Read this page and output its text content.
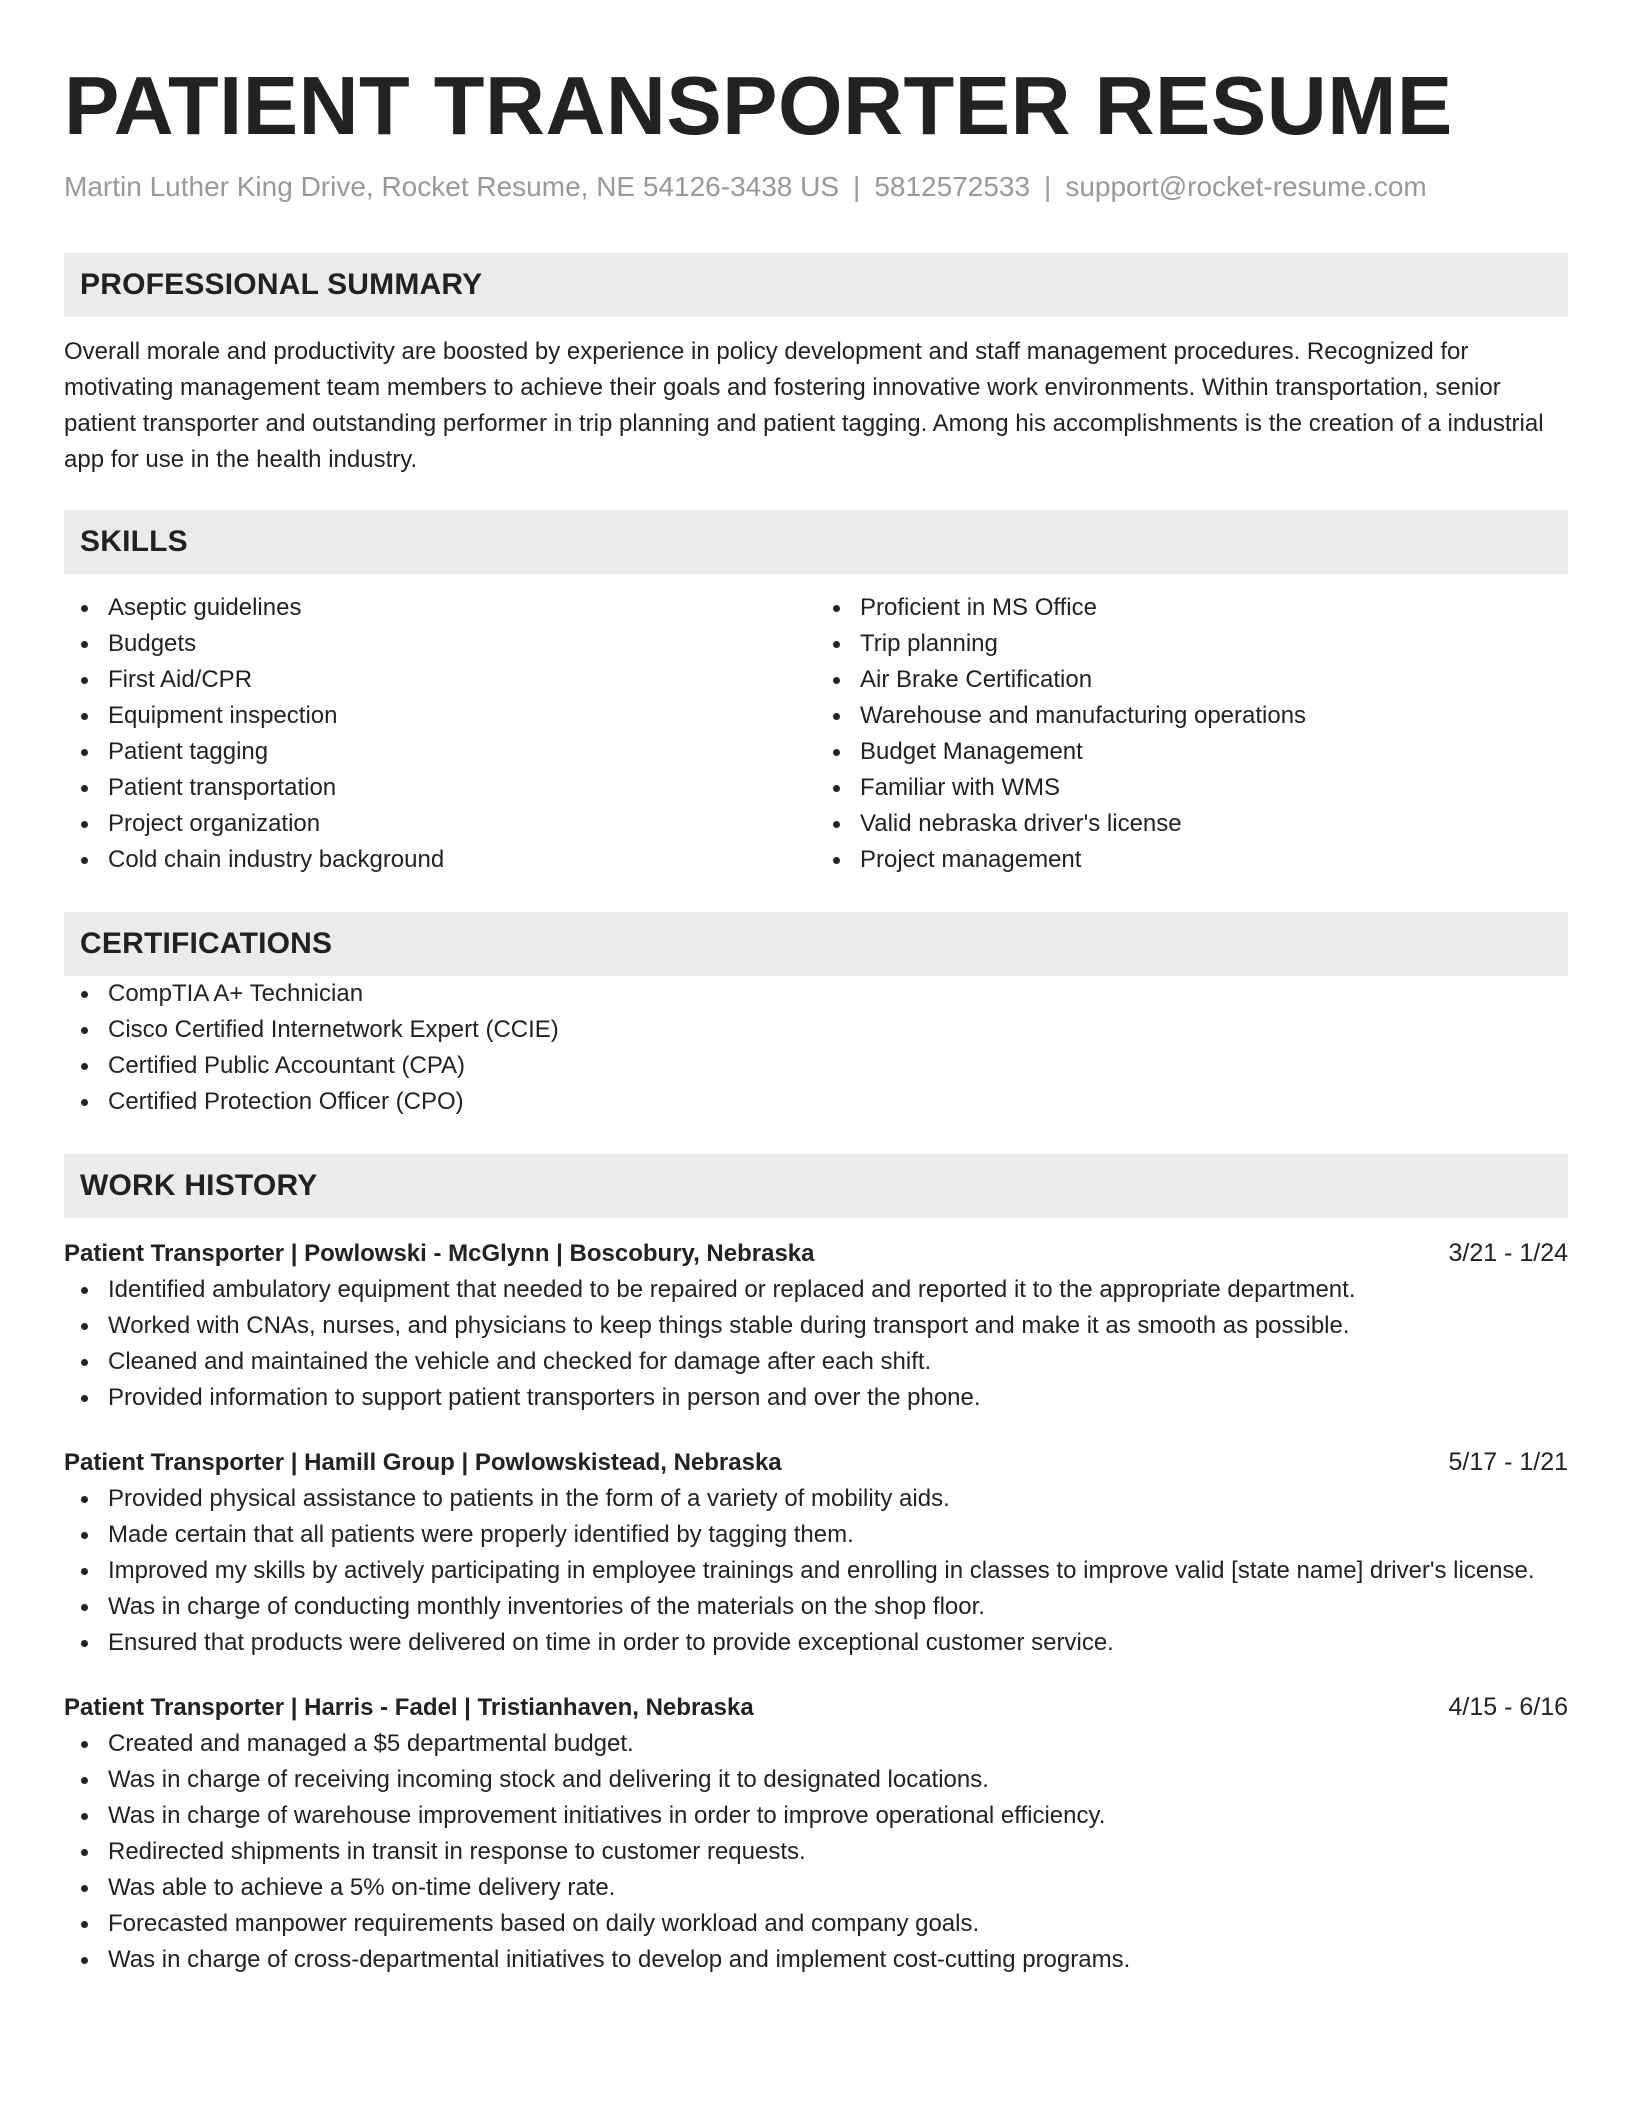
PATIENT TRANSPORTER RESUME
Martin Luther King Drive, Rocket Resume, NE 54126-3438 US | 5812572533 | support@rocket-resume.com
PROFESSIONAL SUMMARY

Overall morale and productivity are boosted by experience in policy development and staff management procedures. Recognized for motivating management team members to achieve their goals and fostering innovative work environments. Within transportation, senior patient transporter and outstanding performer in trip planning and patient tagging. Among his accomplishments is the creation of a industrial app for use in the health industry.

SKILLS
Aseptic guidelines
Budgets
First Aid/CPR
Equipment inspection
Patient tagging
Patient transportation
Project organization
Cold chain industry background
Proficient in MS Office
Trip planning
Air Brake Certification
Warehouse and manufacturing operations
Budget Management
Familiar with WMS
Valid nebraska driver's license
Project management
CERTIFICATIONS
CompTIA A+ Technician
Cisco Certified Internetwork Expert (CCIE)
Certified Public Accountant (CPA)
Certified Protection Officer (CPO)
WORK HISTORY
Patient Transporter | Powlowski - McGlynn | Boscobury, Nebraska	3/21 - 1/24
Identified ambulatory equipment that needed to be repaired or replaced and reported it to the appropriate department.
Worked with CNAs, nurses, and physicians to keep things stable during transport and make it as smooth as possible.
Cleaned and maintained the vehicle and checked for damage after each shift.
Provided information to support patient transporters in person and over the phone.
Patient Transporter | Hamill Group | Powlowskistead, Nebraska	5/17 - 1/21
Provided physical assistance to patients in the form of a variety of mobility aids.
Made certain that all patients were properly identified by tagging them.
Improved my skills by actively participating in employee trainings and enrolling in classes to improve valid [state name] driver's license.
Was in charge of conducting monthly inventories of the materials on the shop floor.
Ensured that products were delivered on time in order to provide exceptional customer service.
Patient Transporter | Harris - Fadel | Tristianhaven, Nebraska	4/15 - 6/16
Created and managed a $5 departmental budget.
Was in charge of receiving incoming stock and delivering it to designated locations.
Was in charge of warehouse improvement initiatives in order to improve operational efficiency.
Redirected shipments in transit in response to customer requests.
Was able to achieve a 5% on-time delivery rate.
Forecasted manpower requirements based on daily workload and company goals.
Was in charge of cross-departmental initiatives to develop and implement cost-cutting programs.
